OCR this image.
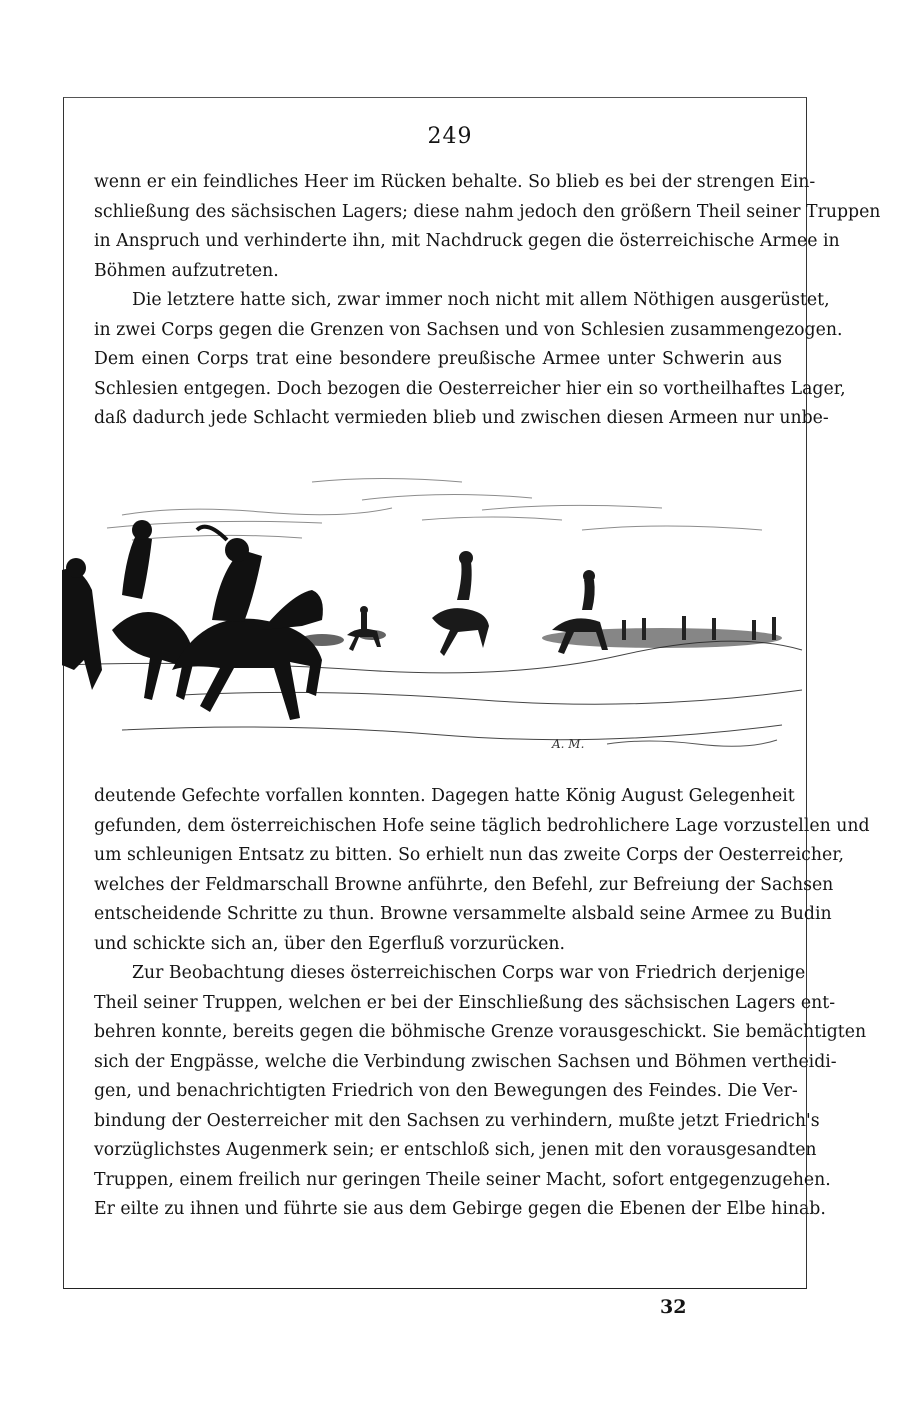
249
wenn er ein feindliches Heer im Rücken behalte. So blieb es bei der strengen Ein-
schließung des sächsischen Lagers; diese nahm jedoch den größern Theil seiner Truppen
in Anspruch und verhinderte ihn, mit Nachdruck gegen die österreichische Armee in
Böhmen aufzutreten.
Die letztere hatte sich, zwar immer noch nicht mit allem Nöthigen ausgerüstet,
in zwei Corps gegen die Grenzen von Sachsen und von Schlesien zusammengezogen.
Dem einen Corps trat eine besondere preußische Armee unter Schwerin aus
Schlesien entgegen. Doch bezogen die Oesterreicher hier ein so vortheilhaftes Lager,
daß dadurch jede Schlacht vermieden blieb und zwischen diesen Armeen nur unbe-
A. M.
deutende Gefechte vorfallen konnten. Dagegen hatte König August Gelegenheit
gefunden, dem österreichischen Hofe seine täglich bedrohlichere Lage vorzustellen und
um schleunigen Entsatz zu bitten. So erhielt nun das zweite Corps der Oesterreicher,
welches der Feldmarschall Browne anführte, den Befehl, zur Befreiung der Sachsen
entscheidende Schritte zu thun. Browne versammelte alsbald seine Armee zu Budin
und schickte sich an, über den Egerfluß vorzurücken.
Zur Beobachtung dieses österreichischen Corps war von Friedrich derjenige
Theil seiner Truppen, welchen er bei der Einschließung des sächsischen Lagers ent-
behren konnte, bereits gegen die böhmische Grenze vorausgeschickt. Sie bemächtigten
sich der Engpässe, welche die Verbindung zwischen Sachsen und Böhmen vertheidi-
gen, und benachrichtigten Friedrich von den Bewegungen des Feindes. Die Ver-
bindung der Oesterreicher mit den Sachsen zu verhindern, mußte jetzt Friedrich's
vorzüglichstes Augenmerk sein; er entschloß sich, jenen mit den vorausgesandten
Truppen, einem freilich nur geringen Theile seiner Macht, sofort entgegenzugehen.
Er eilte zu ihnen und führte sie aus dem Gebirge gegen die Ebenen der Elbe hinab.
32
